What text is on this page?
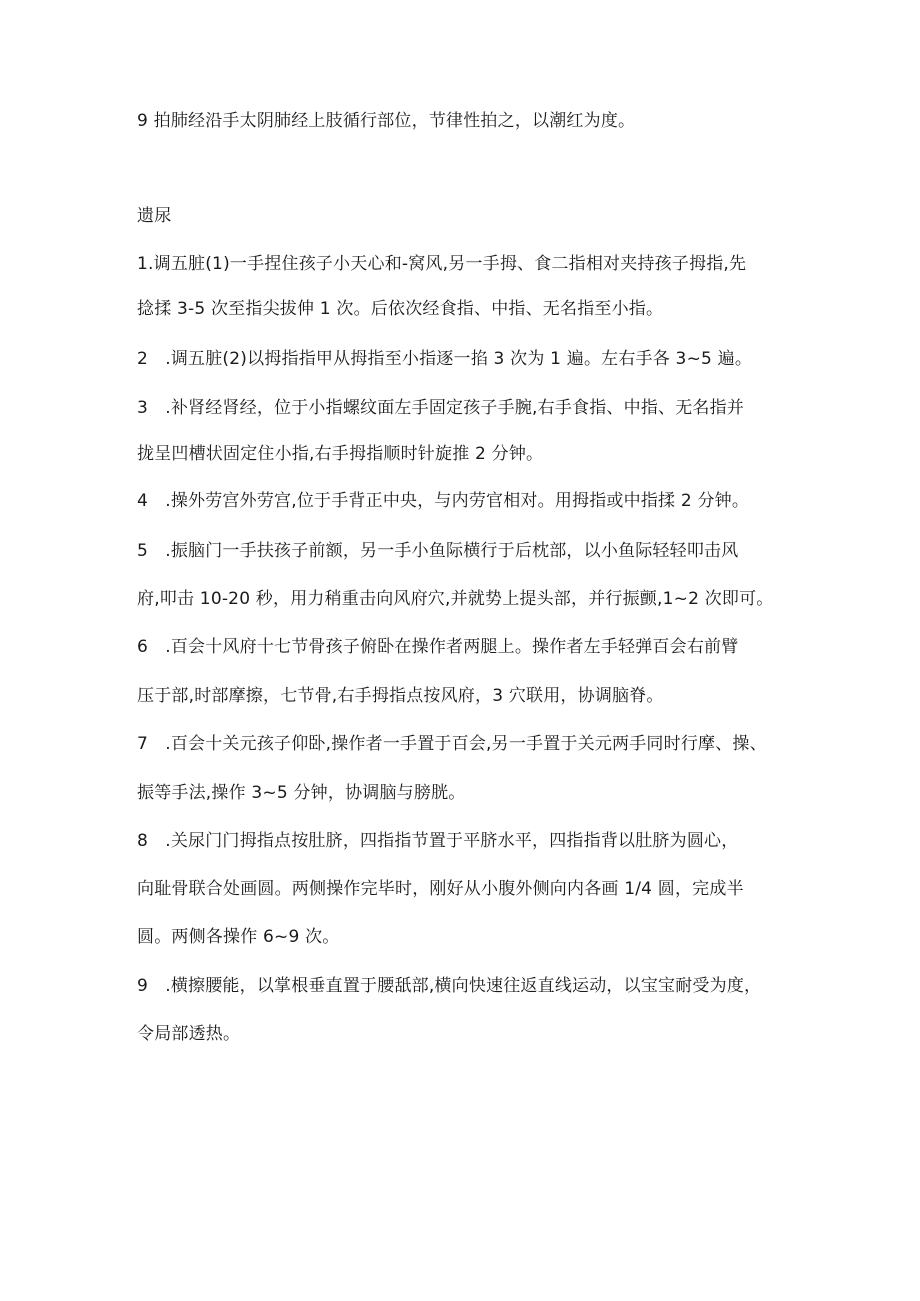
9 拍肺经沿手太阴肺经上肢循行部位，节律性拍之，以潮红为度。

遗尿

1.调五脏(1)一手捏住孩子小天心和-窝风,另一手拇、食二指相对夹持孩子拇指,先

捻揉 3-5 次至指尖拔伸 1 次。后依次经食指、中指、无名指至小指。

2　.调五脏(2)以拇指指甲从拇指至小指逐一掐 3 次为 1 遍。左右手各 3~5 遍。

3　.补肾经肾经，位于小指螺纹面左手固定孩子手腕,右手食指、中指、无名指并

拢呈凹槽状固定住小指,右手拇指顺时针旋推 2 分钟。

4　.操外劳宫外劳宫,位于手背正中央，与内劳官相对。用拇指或中指揉 2 分钟。

5　.振脑门一手扶孩子前额，另一手小鱼际横行于后枕部，以小鱼际轻轻叩击风

府,叩击 10-20 秒，用力稍重击向风府穴,并就势上提头部，并行振颤,1~2 次即可。

6　.百会十风府十七节骨孩子俯卧在操作者两腿上。操作者左手轻弹百会右前臂

压于部,时部摩擦，七节骨,右手拇指点按风府，3 穴联用，协调脑脊。

7　.百会十关元孩子仰卧,操作者一手置于百会,另一手置于关元两手同时行摩、操、

振等手法,操作 3~5 分钟，协调脑与膀胱。

8　.关尿门门拇指点按肚脐，四指指节置于平脐水平，四指指背以肚脐为圆心，

向耻骨联合处画圆。两侧操作完毕时，刚好从小腹外侧向内各画 1/4 圆，完成半

圆。两侧各操作 6~9 次。

9　.横擦腰能，以掌根垂直置于腰舐部,横向快速往返直线运动，以宝宝耐受为度，

令局部透热。
